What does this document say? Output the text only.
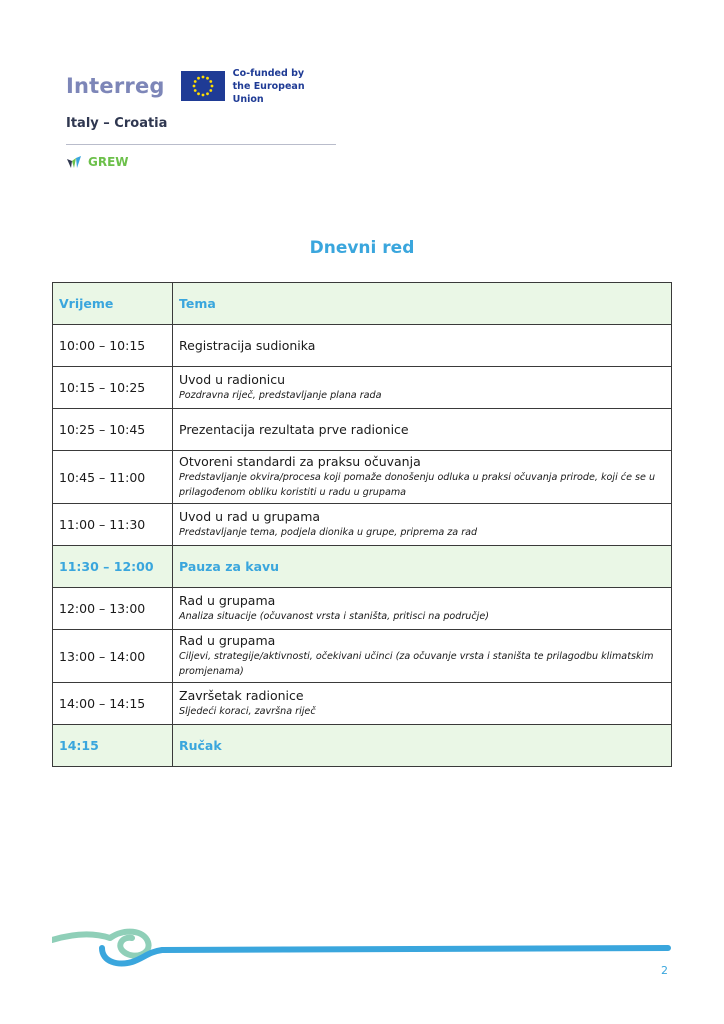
Interreg
Co-funded by
the European Union
Italy – Croatia
GREW
Dnevni red
Vrijeme	Tema
10:00 – 10:15	Registracija sudionika

10:15 – 10:25	Uvod u radionicu
Pozdravna riječ, predstavljanje plana rada

10:25 – 10:45	Prezentacija rezultata prve radionice

10:45 – 11:00	Otvoreni standardi za praksu očuvanja
Predstavljanje okvira/procesa koji pomaže donošenju odluka u praksi očuvanja prirode, koji će se u prilagođenom obliku koristiti u radu u grupama

11:00 – 11:30	Uvod u rad u grupama
Predstavljanje tema, podjela dionika u grupe, priprema za rad

11:30 – 12:00	Pauza za kavu
12:00 – 13:00	Rad u grupama
Analiza situacije (očuvanost vrsta i staništa, pritisci na područje)

13:00 – 14:00	Rad u grupama
Ciljevi, strategije/aktivnosti, očekivani učinci (za očuvanje vrsta i staništa te prilagodbu klimatskim promjenama)

14:00 – 14:15	Završetak radionice
Sljedeći koraci, završna riječ

14:15	Ručak
2
